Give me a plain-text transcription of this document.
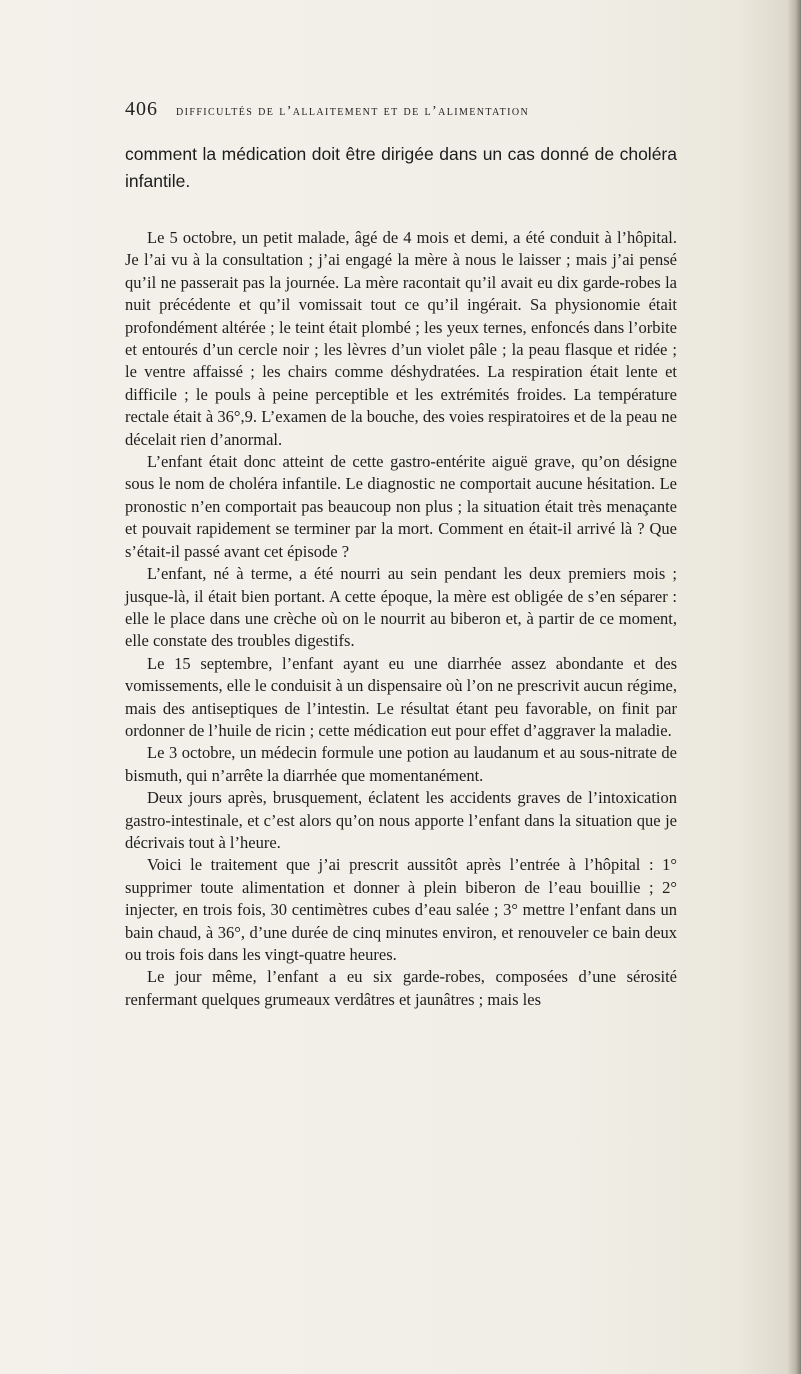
406 difficultés de l’allaitement et de l’alimentation

comment la médication doit être dirigée dans un cas donné de choléra infantile.

Le 5 octobre, un petit malade, âgé de 4 mois et demi, a été conduit à l’hôpital. Je l’ai vu à la consultation ; j’ai engagé la mère à nous le laisser ; mais j’ai pensé qu’il ne passerait pas la journée. La mère racontait qu’il avait eu dix garde-robes la nuit précédente et qu’il vomissait tout ce qu’il ingérait. Sa physionomie était profondément altérée ; le teint était plombé ; les yeux ternes, enfoncés dans l’orbite et entourés d’un cercle noir ; les lèvres d’un violet pâle ; la peau flasque et ridée ; le ventre affaissé ; les chairs comme déshydratées. La respiration était lente et difficile ; le pouls à peine perceptible et les extrémités froides. La température rectale était à 36°,9. L’examen de la bouche, des voies respiratoires et de la peau ne décelait rien d’anormal.

L’enfant était donc atteint de cette gastro-entérite aiguë grave, qu’on désigne sous le nom de choléra infantile. Le diagnostic ne comportait aucune hésitation. Le pronostic n’en comportait pas beaucoup non plus ; la situation était très menaçante et pouvait rapidement se terminer par la mort. Comment en était-il arrivé là ? Que s’était-il passé avant cet épisode ?

L’enfant, né à terme, a été nourri au sein pendant les deux premiers mois ; jusque-là, il était bien portant. A cette époque, la mère est obligée de s’en séparer : elle le place dans une crèche où on le nourrit au biberon et, à partir de ce moment, elle constate des troubles digestifs.

Le 15 septembre, l’enfant ayant eu une diarrhée assez abondante et des vomissements, elle le conduisit à un dispensaire où l’on ne prescrivit aucun régime, mais des antiseptiques de l’intestin. Le résultat étant peu favorable, on finit par ordonner de l’huile de ricin ; cette médication eut pour effet d’aggraver la maladie.

Le 3 octobre, un médecin formule une potion au laudanum et au sous-nitrate de bismuth, qui n’arrête la diarrhée que momentanément.

Deux jours après, brusquement, éclatent les accidents graves de l’intoxication gastro-intestinale, et c’est alors qu’on nous apporte l’enfant dans la situation que je décrivais tout à l’heure.

Voici le traitement que j’ai prescrit aussitôt après l’entrée à l’hôpital : 1° supprimer toute alimentation et donner à plein biberon de l’eau bouillie ; 2° injecter, en trois fois, 30 centimètres cubes d’eau salée ; 3° mettre l’enfant dans un bain chaud, à 36°, d’une durée de cinq minutes environ, et renouveler ce bain deux ou trois fois dans les vingt-quatre heures.

Le jour même, l’enfant a eu six garde-robes, composées d’une sérosité renfermant quelques grumeaux verdâtres et jaunâtres ; mais les
